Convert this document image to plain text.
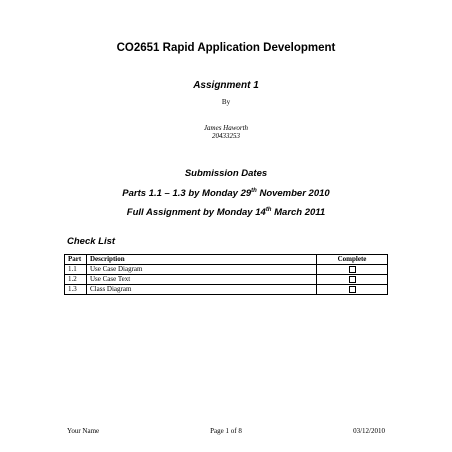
CO2651 Rapid Application Development
Assignment 1
By
James Haworth
20433253
Submission Dates
Parts 1.1 – 1.3 by Monday 29th November 2010
Full Assignment by Monday 14th March 2011
Check List
Part	Description	Complete
1.1	Use Case Diagram	
1.2	Use Case Text	
1.3	Class Diagram	
Your Name	Page 1 of 8	03/12/2010
